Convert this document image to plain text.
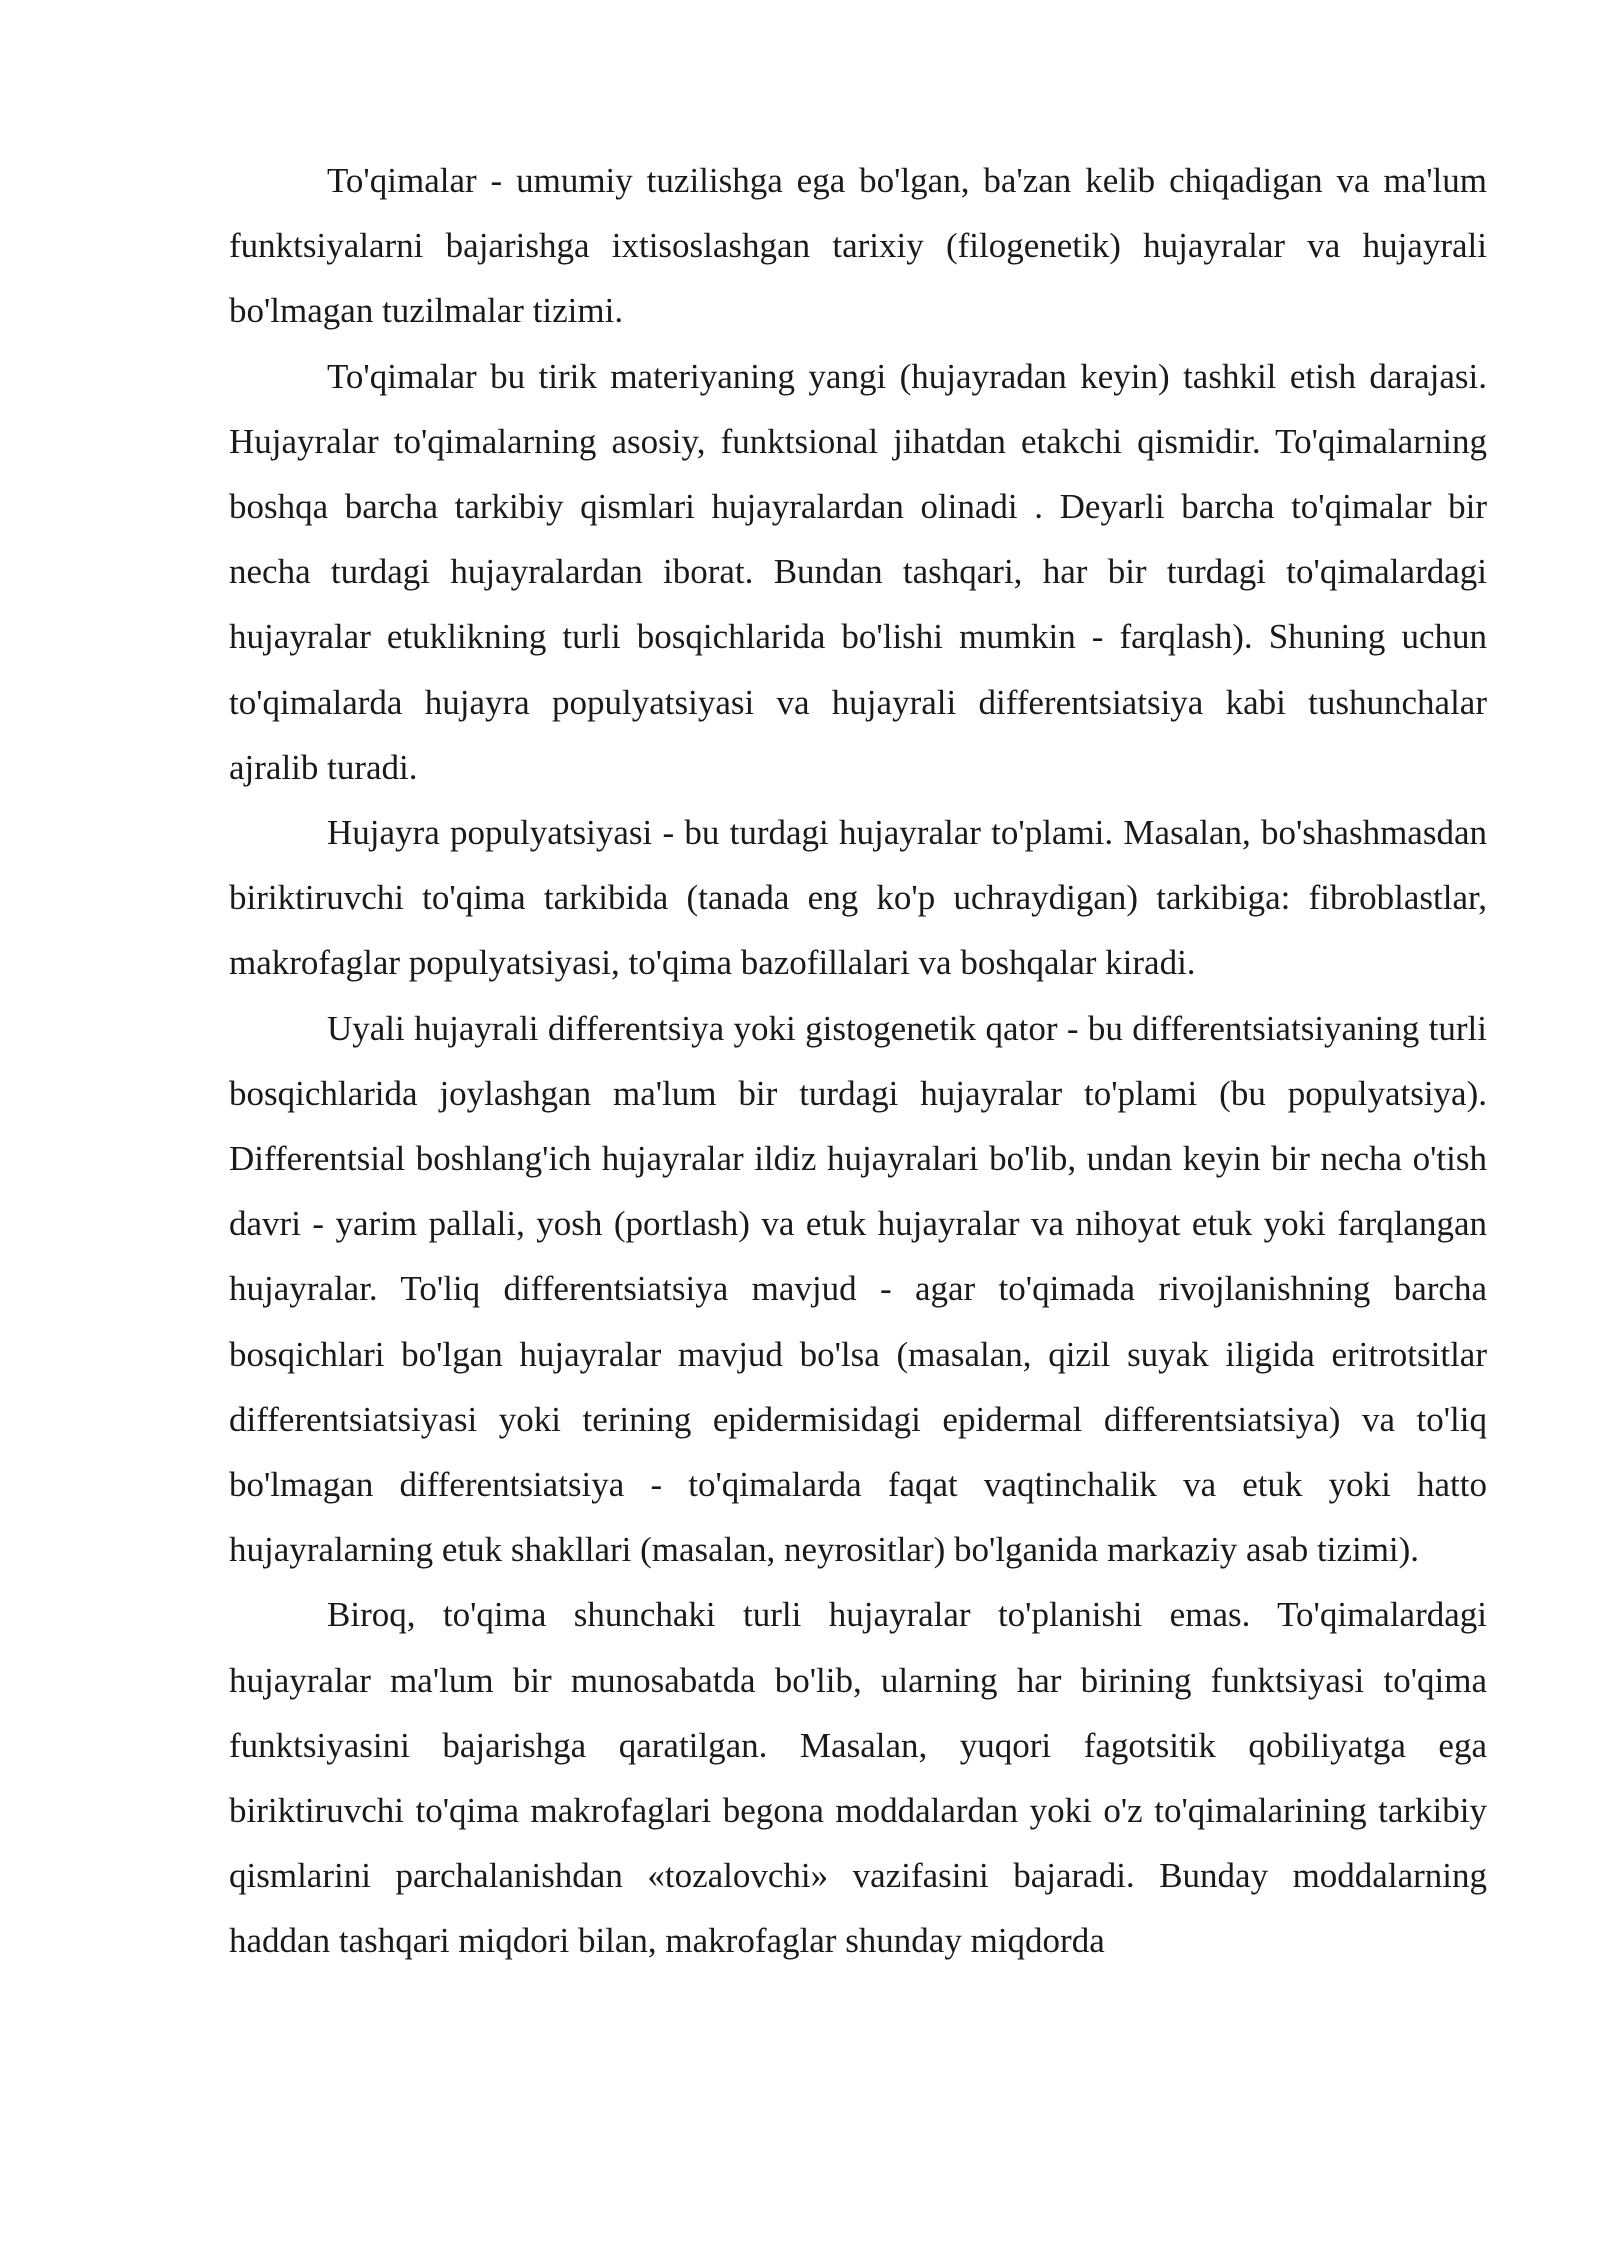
To'qimalar - umumiy tuzilishga ega bo'lgan, ba'zan kelib chiqadigan va ma'lum funktsiyalarni bajarishga ixtisoslashgan tarixiy (filogenetik) hujayralar va hujayrali bo'lmagan tuzilmalar tizimi.

To'qimalar bu tirik materiyaning yangi (hujayradan keyin) tashkil etish darajasi. Hujayralar to'qimalarning asosiy, funktsional jihatdan etakchi qismidir. To'qimalarning boshqa barcha tarkibiy qismlari hujayralardan olinadi . Deyarli barcha to'qimalar bir necha turdagi hujayralardan iborat. Bundan tashqari, har bir turdagi to'qimalardagi hujayralar etuklikning turli bosqichlarida bo'lishi mumkin - farqlash). Shuning uchun to'qimalarda hujayra populyatsiyasi va hujayrali differentsiatsiya kabi tushunchalar ajralib turadi.

Hujayra populyatsiyasi - bu turdagi hujayralar to'plami. Masalan, bo'shashmasdan biriktiruvchi to'qima tarkibida (tanada eng ko'p uchraydigan) tarkibiga: fibroblastlar, makrofaglar populyatsiyasi, to'qima bazofillalari va boshqalar kiradi.

Uyali hujayrali differentsiya yoki gistogenetik qator - bu differentsiatsiyaning turli bosqichlarida joylashgan ma'lum bir turdagi hujayralar to'plami (bu populyatsiya). Differentsial boshlang'ich hujayralar ildiz hujayralari bo'lib, undan keyin bir necha o'tish davri - yarim pallali, yosh (portlash) va etuk hujayralar va nihoyat etuk yoki farqlangan hujayralar. To'liq differentsiatsiya mavjud - agar to'qimada rivojlanishning barcha bosqichlari bo'lgan hujayralar mavjud bo'lsa (masalan, qizil suyak iligida eritrotsitlar differentsiatsiyasi yoki terining epidermisidagi epidermal differentsiatsiya) va to'liq bo'lmagan differentsiatsiya - to'qimalarda faqat vaqtinchalik va etuk yoki hatto hujayralarning etuk shakllari (masalan, neyrositlar) bo'lganida markaziy asab tizimi).

Biroq, to'qima shunchaki turli hujayralar to'planishi emas. To'qimalardagi hujayralar ma'lum bir munosabatda bo'lib, ularning har birining funktsiyasi to'qima funktsiyasini bajarishga qaratilgan. Masalan, yuqori fagotsitik qobiliyatga ega biriktiruvchi to'qima makrofaglari begona moddalardan yoki o'z to'qimalarining tarkibiy qismlarini parchalanishdan «tozalovchi» vazifasini bajaradi. Bunday moddalarning haddan tashqari miqdori bilan, makrofaglar shunday miqdorda
